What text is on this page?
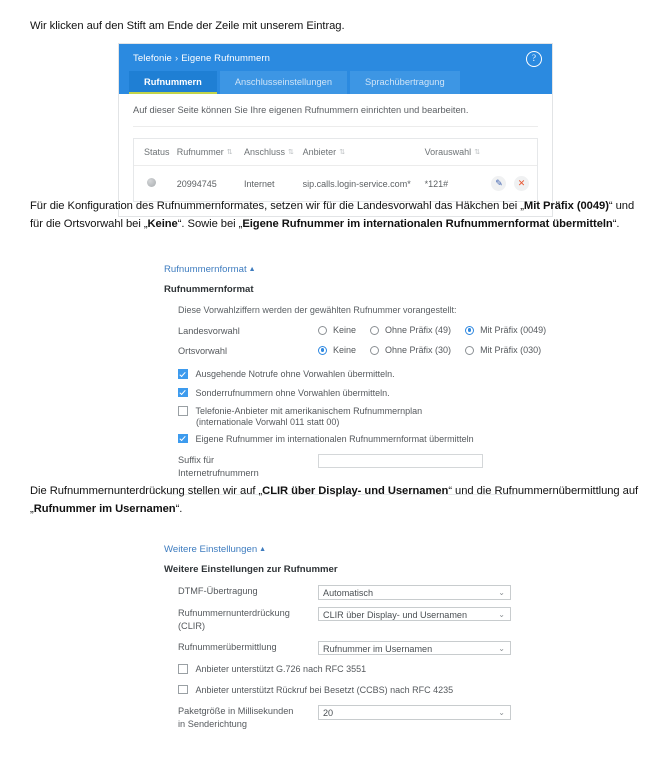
Wir klicken auf den Stift am Ende der Zeile mit unserem Eintrag.
Telefonie › Eigene Rufnummern	?
Rufnummern	Anschlusseinstellungen	Sprachübertragung
Auf dieser Seite können Sie Ihre eigenen Rufnummern einrichten und bearbeiten.
Status	Rufnummer ⇅	Anschluss ⇅	Anbieter ⇅	Vorauswahl ⇅	
	20994745	Internet	sip.calls.login-service.com*	*121#	✎ ✕
Für die Konfiguration des Rufnummernformates, setzen wir für die Landesvorwahl das Häkchen bei „Mit Präfix (0049)“ und für die Ortsvorwahl bei „Keine“. Sowie bei „Eigene Rufnummer im internationalen Rufnummernformat übermitteln“.
Rufnummernformat ▲
Rufnummernformat
Diese Vorwahlziffern werden der gewählten Rufnummer vorangestellt:
Landesvorwahl	Keine	Ohne Präfix (49)	Mit Präfix (0049)
Ortsvorwahl	Keine	Ohne Präfix (30)	Mit Präfix (030)
Ausgehende Notrufe ohne Vorwahlen übermitteln.
Sonderrufnummern ohne Vorwahlen übermitteln.
Telefonie-Anbieter mit amerikanischem Rufnummernplan
(internationale Vorwahl 011 statt 00)
Eigene Rufnummer im internationalen Rufnummernformat übermitteln
Suffix für
Internetrufnummern
Die Rufnummernunterdrückung stellen wir auf „CLIR über Display- und Usernamen“ und die Rufnummernübermittlung auf „Rufnummer im Usernamen“.
Weitere Einstellungen ▲
Weitere Einstellungen zur Rufnummer
DTMF-Übertragung	Automatisch	⌄
Rufnummernunterdrückung
(CLIR)
CLIR über Display- und Usernamen	⌄
Rufnummerübermittlung	Rufnummer im Usernamen	⌄
Anbieter unterstützt G.726 nach RFC 3551
Anbieter unterstützt Rückruf bei Besetzt (CCBS) nach RFC 4235
Paketgröße in Millisekunden
in Senderichtung
20	⌄
